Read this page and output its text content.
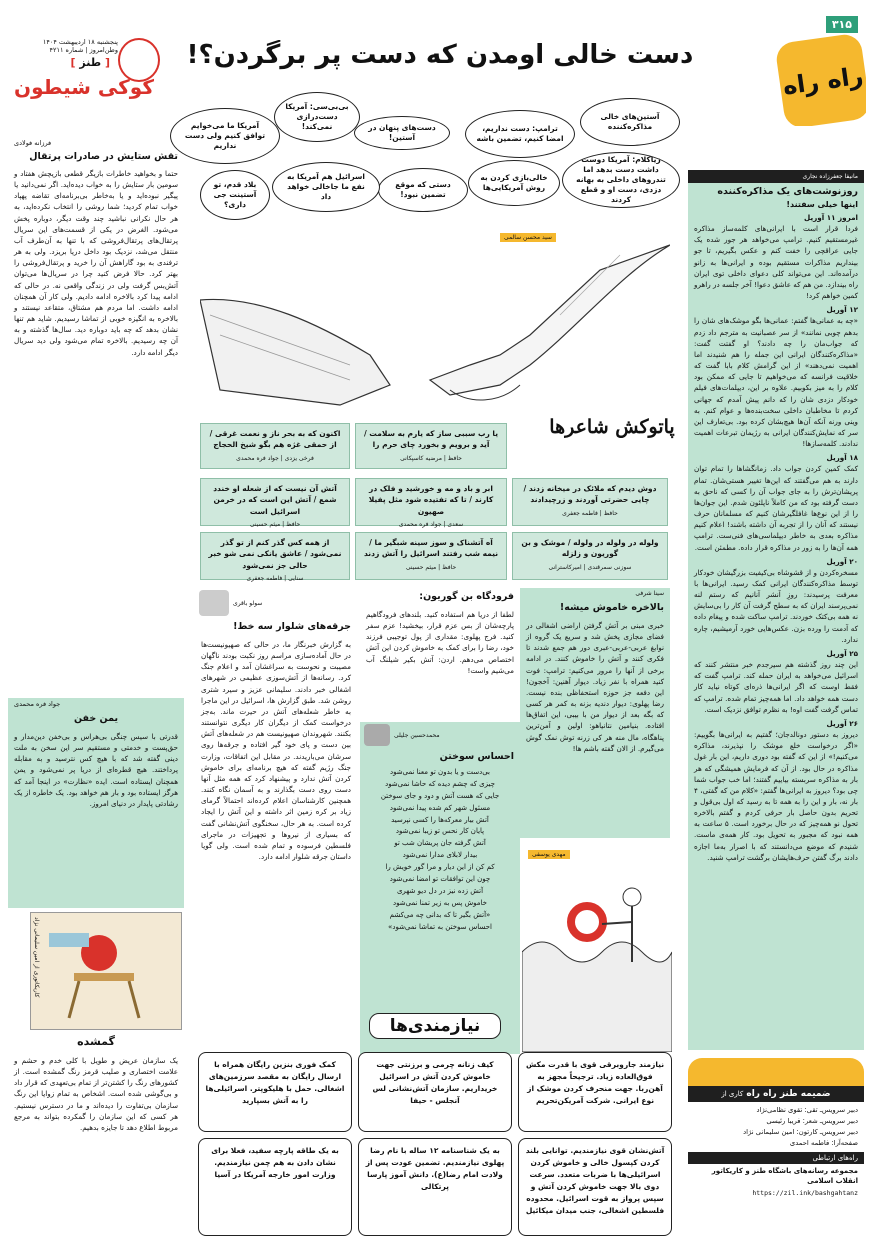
۳۱۵
راه راه
دست خالی اومدن که دست پر برگردن؟!
پنجشنبه ۱۸ اردیبهشت ۱۴۰۴
وطن‌امروز | شماره ۴۲۱۱
[ طنز ]
کوکی شیطون
فرزانه فولادی
تقش ستایش در صادرات پرتقال
حتما و بخواهید خاطرات بازیگر قطعی بازیچش هفتاد و سومین بار ستایش را به خواب دیده‌اید. اگر نمی‌دانید یا پیگیر نبوده‌اید و یا به‌خاطر بی‌برنامه‌ای تقاضه پهپاد خواب تمام کردید؛ شما روشی را انتخاب نکرده‌اید، به هر حال نکرانی نباشید چند وقت دیگر، دوباره پخش می‌شود. الغرض در یکی از قسمت‌های این سریال پرتقال‌های پرتقال‌فروشی که با تنها به آن‌طرف آب منتقل می‌شد، نزدیک بود داخل دریا بریزد. ولی به هر ترفندی به بود گاراهش آن را خرید و پرتقال‌فروشی را بهتر کرد. حالا فرض کنید چرا در سریال‌ها می‌توان آتش‌بس گرفت ولی در زندگی واقعی نه. در حالی که ادامه پیدا کرد بالاخره ادامه دادیم. ولی کار آن همچنان ادامه داشت. اما مردم هم مشتاق، متقاعد نیستند و بالاخره به انگیزه خوبی از تماشا رسیدیم. شاید هم تنها نشان بدهد که چه باید دوباره دید. سال‌ها گذشته و به آن چه رسیدیم. بالاخره تمام می‌شود ولی دید سریال دیگر ادامه دارد.
جواد فره محمدی
یمن خفن
قدرتی با سیس چنگی بی‌هراس و بی‌خفن دین‌مدار و حق‌پست و خدمتی و مستقیم سر این سخن به ملت دینی گفته شد که با هیچ کس نترسید و به مقابله پرداختند. هیچ قطره‌ای از دریا پر نمی‌شود و یمن همچنان ایستاده است. ایده «نظارت» در اینجا آمد که هرگز ایستاده بود و بار هم خواهد بود. یک خاطره از یک رشادتی پایدار در دنیای امروز.
کاریکاتوری از امین سلیمانی نژاد
گمشده
یک سازمان عریض و طویل با کلی خدم و حشم و علامت اختصاری و صلیب قرمز رنگ گمشده است. از کشورهای رنگ را کشتن‌تر از تمام بی‌تعهدی که قرار داد و بی‌گوشی شده است. اشخاص به تمام زوایا این رنگ سازمان بی‌تفاوت را دیده‌اند و ما در دسترس نیستیم. هر کسی که این سازمان را گمکرده بتواند به مرجع مربوط اطلاع دهد تا جایزه بدهیم.
مانیفا جعفرزاده نجاری
روزنوشت‌های یک مذاکره‌کننده
اینها خیلی سفتند!
امروز ۱۱ آوریل

فردا قرار است با ایرانی‌های کلمه‌ساز مذاکره غیرمستقیم کنیم. ترامپ می‌خواهد هر جور شده یک جایی عراقچی را خفت کنم و عکس بگیریم، تا جو بینداریم مذاکرات مستقیم بوده و ایرانی‌ها به زانو درآمده‌اند. این می‌تواند کلی دعوای داخلی توی ایران راه بیندازد. من هم که عاشق دعوا! آخر جلسه در راهرو کمین خواهم کرد!

۱۲ آوریل

«چه به عمانی‌ها گفتم: عمانی‌ها بگو موشک‌های شان را بدهم چوبی نمانند» از سر عصبانیت به مترجم داد زدم که جواب‌مان را چه دادند؟ او گفتت گفت: «مذاکره‌کنندگان ایرانی این جمله را هم شنیدند اما اهمیت نمی‌دهند» از این گرامش کلام بابا گفت که خلاقیت فرانسه که می‌خواهیم تا جایی که ممکن بود کلام را به میز بکوبیم. علاوه بر این، دیپلمات‌های فیلم خودکار دزدی شان را که دانم پیش آمدم که جهانی کردم تا مخاطبان داخلی سخت‌بنده‌ها و عوام کنم. به وینی ورنه آنکه آن‌ها هیچ‌بشان کرده بود. بی‌تعارف این سر که نمایش‌کنندگان ایرانی به رژیمان تبرعات اهمیت ندادند. کلمه‌سازها!

۱۸ آوریل

کمک کمین کردن جواب داد. زمانگشاها را تمام توان دارند به هم می‌گفتند که این‌ها تغییر هستی‌شان. تمام پریشان‌ترش را به جای جواب آن را کسی که ناحق به دست گرفته بود که من کاملاً ناپلئون شدم. این جوان‌ها را از این نوع‌ها غافلگیرشان کنیم که مسلمانان حرف نیستند که آنان را از تجربه آن داشته باشند! اعلام کنیم مذاکره بعدی به خاطر دیپلماسی‌های فنی‌ست. ترامپ همه آن‌ها را به زور در مذاکره قرار داده. مطمئن است.

۲۰ آوریل

مسخره‌کردن و از قشوشاه بی‌کیفیت بزرگیشان خودکار توسط مذاکره‌کنندگان ایرانی کمک رسید. ایرانی‌ها با معرفت پرسیدند: روزِ آنشر آنانیم که رستم لنه نمی‌پرسند ایران که به سطح گرفت آن کار را بی‌سایش نه همه بی‌کتک خوردند. ترامپ ساکت شده و پیغام داده که آدمت را ورده بزن. عکس‌هایی خورد آرمیشیم، چاره ندارد.

۲۵ آوریل

این چند روز گذشته هم سیرجدم خبر منتشر کنند که اسرائیل می‌خواهد به ایران حمله کند. ترامپ گفت که فقط اوست که اگر ایرانی‌ها ذره‌ای کوتاه نیاید کار دست همه خواهد داد. اما همه‌چیز تمام شده. ترامپ که تماس گرفت گفت اوه! به نظرم توافق نزدیک است.

۲۶ آوریل

دیروز به دستور دونالدجان؛ گفتیم به ایرانی‌ها بگوییم: «اگر درخواست خلع موشک را نپذیرند، مذاکره می‌کنیم!» از این که گفته بود دوری داریم، این بار غول مذاکره در حال بود. از آن که فرمایش همیشگی که هر بار به مذاکره سربسته بیاییم گفتند؛ اما خب جواب شما چی بود؟ دیروز به ایرانی‌ها گفتم: «کلام من که گفتی، ۴ بار نه، بار و این را به همه تا به رسید که اول بی‌قول و تحریم بدون حاصل بار حرفی کردم و گفتم بالاخره تحول نو همه‌چیز که در حال برخورد است. ۵ ساعت به همه نبود که مجبور به تحویل بود. کار همه‌ی ماست. شنیدم که موضع می‌دانستند که با اصرار به‌ما اجازه دادند برگ گفتن حرف‌هایشان برگشت ترامپ شنید.

آستین‌های خالی مذاکره‌کننده
ترامپ: دست نداریم، امضا کنیم، تضمین باشه
دست‌های پنهان در آستین!
بی‌بی‌سی: آمریکا دست‌درازی نمی‌کند!
آمریکا ما می‌خوایم توافق کنیم ولی دست نداریم
زیاکلام: آمریکا دوست داشت دست بدهد اما تندروهای داخلی به بهانه دزدی، دست او و قطع کردند
خالی‌بازی کردن به روش آمریکایی‌ها
دستی که موقع تضمین نبود!
اسرائیل هم آمریکا به نفع ما جاخالی خواهد داد
بلاد قدم، تو آستینت جی داری؟
سید محسن سالمی
پاتوکش شاعرها
اکنون که به بحر ناز و نعمت غرقی / از حمقی غژه هم بگو شیخ الحجاج
فرخی یزدی | جواد فره محمدی
یا رب سببی ساز که یارم به سلامت / آید و برویم و بخورد چای حرم را
حافظ | مرضیه کاسپکانی
آتش آن نیست که از شعله او خندد شمع / آتش این است که در خرمن اسرائیل است
حافظ | میثم حسینی
ابر و باد و مه و خورشید و فلک در کارند / تا که تفتیده شود مثل پفیلا صهیون
سعدی | جواد فره محمدی
دوش دیدم که ملائک در میخانه زدند / چایی حضرتی آوردند و زرچیدادند
حافظ | فاطمه جعفری
از همه کس گذر کنم از تو گذر نمی‌شود / عاشق یانکی نمی‌ شو خبر حالی جز نمی‌شود
سنایی | فاطمه جعفری
آه آتشناک و سوز سینه شبگیر ما / نیمه شب رفتند اسرائیل را آتش زدند
حافظ | میثم حسینی
ولوله در ولوله در ولوله / موشک و بن گوریون و زلزله
سوزنی سمرقندی | امیرکاسترانی
سولو باقری
جرقه‌های شلوار سه خط!
به گزارش خبرنگار ما، در حالی که صهیونیست‌ها در حال آماده‌سازی مراسم روز نکبت بودند ناگهان مصیبت و نحوست به سراغشان آمد و اعلام جنگ کرد. رسانه‌ها از آتش‌سوزی عظیمی در شهرهای اشغالی خبر دادند. سلیمانی عزیز و سیرد شتری روشن شد. طبق گزارش ها، اسرائیل در این ماجرا به خاطر شعله‌های آتش در حیرت ماند. به‌جز درخواست کمک از دیگران کار دیگری نتوانستند بکنند. شهروندان صهیونیست هم در شعله‌های آتش بین دست و پای خود گیر افتاده و جرقه‌ها روی سرشان می‌باریدند. در مقابل این اتفاقات، وزارت جنگ رژیم گفته که هیچ برنامه‌ای برای خاموش کردن آتش ندارد و پیشنهاد کرد که همه مثل آنها دست روی دست بگذارند و به آسمان نگاه کنند. همچنین کارشناسان اعلام کرده‌اند احتمالاً گرمای زیاد بر کره زمین اثر داشته و این آتش را ایجاد کرده است. به هر حال، سخنگوی آتش‌نشانی گفت که بسیاری از نیروها و تجهیزات در ماجرای فلسطین فرسوده و تمام شده است. ولی گویا داستان جرقه شلوار ادامه دارد.
فرودگاه بن گوریون:
لطفا از دریا هم استفاده کنید. بلندهای فرودگاهیم پارچه‌شان از بس عزم قرار، بیخشید! عزم سفر کنید. فرج پهلوی: مقداری از پول توجیبی فرزند خود، رضا را برای کمک به خاموش کردن این آتش اختصاص می‌دهم. اردن: آتش بکیر شیلنگ آب می‌شیم واست!
سینا شرفی
بالاخره خاموش میشه!
خبری مبنی بر آتش گرفتن اراضی اشغالی در فضای مجازی پخش شد و سریع یک گروه از نوابغ عربی-عربی-عبری دور هم جمع شدند تا فکری کنند و آتش را خاموش کنند. در ادامه برخی از آنها را مرور می‌کنیم: ترامپ: فوت کنید همراه با نفر زیاد. دیوار آهنین: آخجون! این دفعه جز حوزه استحفاظی بنده نیست. رضا پهلوی: دیوار دندیه بزنه به کمر هر کسی که بگه بعد از دیوار من با بیبی، این اتفاق‌ها افتاده. بنیامین نتانیاهو: اولین و آمن‌ترین پناهگاه، مال منه هر کی زرنه توش نمک گوش می‌گیرم. از الان گفته باشم ها!
محمدحسین جلیلی
احساس سوختن
بی‌دست و یا بدون تو معنا نمی‌شود
چیزی که چشم دیده که حاشا نمی‌شود
جایی که هست آتش و دود و جای سوختن
مسئول شهر کم شده پیدا نمی‌شود
آتش بیار معرکه‌ها را کسی نپرسید
پایان کار نحس تو زیبا نمی‌شود
آتش گرفته جان پریشان شب تو
بیدار لابلای مدارا نمی‌شود
کم کن از این دیار و مرا گور خویش را
چون این توافقات تو امضا نمی‌شود
آتش زده نیز در دل دیو شهری
خاموش پس به زیر تمنا نمی‌شود
«آتش بگیر تا که بدانی چه می‌کشم
احساس سوختن به تماشا نمی‌شود»
مهدی یوسفی
نیازمندی‌ها
نیازمند جاروبرقی قوی با قدرت مکش فوق‌العاده زیاد. ترجیحاً مجهز به آهن‌ربا. جهت منحرف کردن موشک از نوع ایرانی. شرکت آمریکن‌تحریم
کیف زنانه چرمی و برزنتی جهت خاموش کردن آتش در اسرائیل خریداریم. سازمان آتش‌نشانی لس آنجلس - حیفا
کمک فوری بنزین رایگان همراه با ارسال رایگان به مقصد سرزمین‌های اشغالی. حمل با هلیکوپتر. اسرائیلی‌ها را به آتش بسپارید
آتش‌نشان قوی نیازمندیم. توانایی بلند کردن کپسول خالی و خاموش کردن اسرائیلی‌ها با ضربات متعدد. سرعت دوی بالا جهت خاموش کردن آتش و سپس پرواز به قوت اسرائیل. محدوده فلسطین اشغالی، جنب میدان میکائیل
به یک شناسنامه ۱۲ ساله با نام رضا پهلوی نیازمندیم. تضمین عودت پس از ولادت امام رضا(ع). دانش آموز پارسا پرتکالی
به یک طاقه پارچه سفید، فعلا برای نشان دادن به هم چمن نیازمندیم. وزارت امور خارجه آمریکا در آسیا
ضمیمه طنز راه راه کاری از
دبیر سرویس‌ـ تقی: تقوی نظامی‌نژاد
دبیر سرویس‌ـ شعر: فریبا رئیسی
دبیر سرویس‌ـ کارتون: امین سلیمانی نژاد
صفحه‌آرا: فاطمه احمدی
راه‌های ارتباطی
مجموعه رسانه‌های باشگاه طنز و کاریکاتور انقلاب اسلامی
https://zil.ink/bashgahtanz
